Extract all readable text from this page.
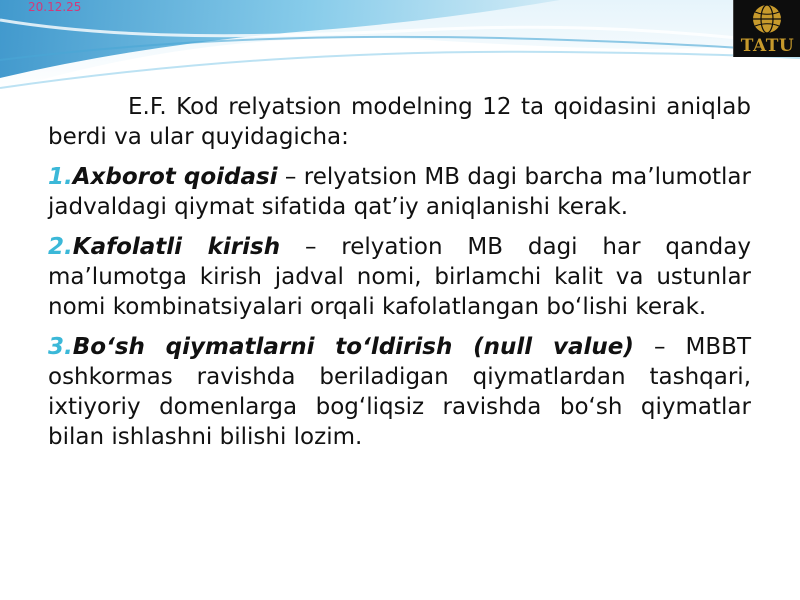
20.12.25
TATU

E.F. Kod relyatsion modelning 12 ta qoidasini aniqlab berdi va ular quyidagicha:

1.Axborot qoidasi – relyatsion MB dagi barcha ma’lumotlar jadvaldagi qiymat sifatida qat’iy aniqlanishi kerak.

2.Kafolatli kirish – relyation MB dagi har qanday ma’lumotga kirish jadval nomi, birlamchi kalit va ustunlar nomi kombinatsiyalari orqali kafolatlangan boʻlishi kerak.

3.Boʻsh qiymatlarni toʻldirish (null value) – MBBT oshkormas ravishda beriladigan qiymatlardan tashqari, ixtiyoriy domenlarga bogʻliqsiz ravishda boʻsh qiymatlar bilan ishlashni bilishi lozim.
